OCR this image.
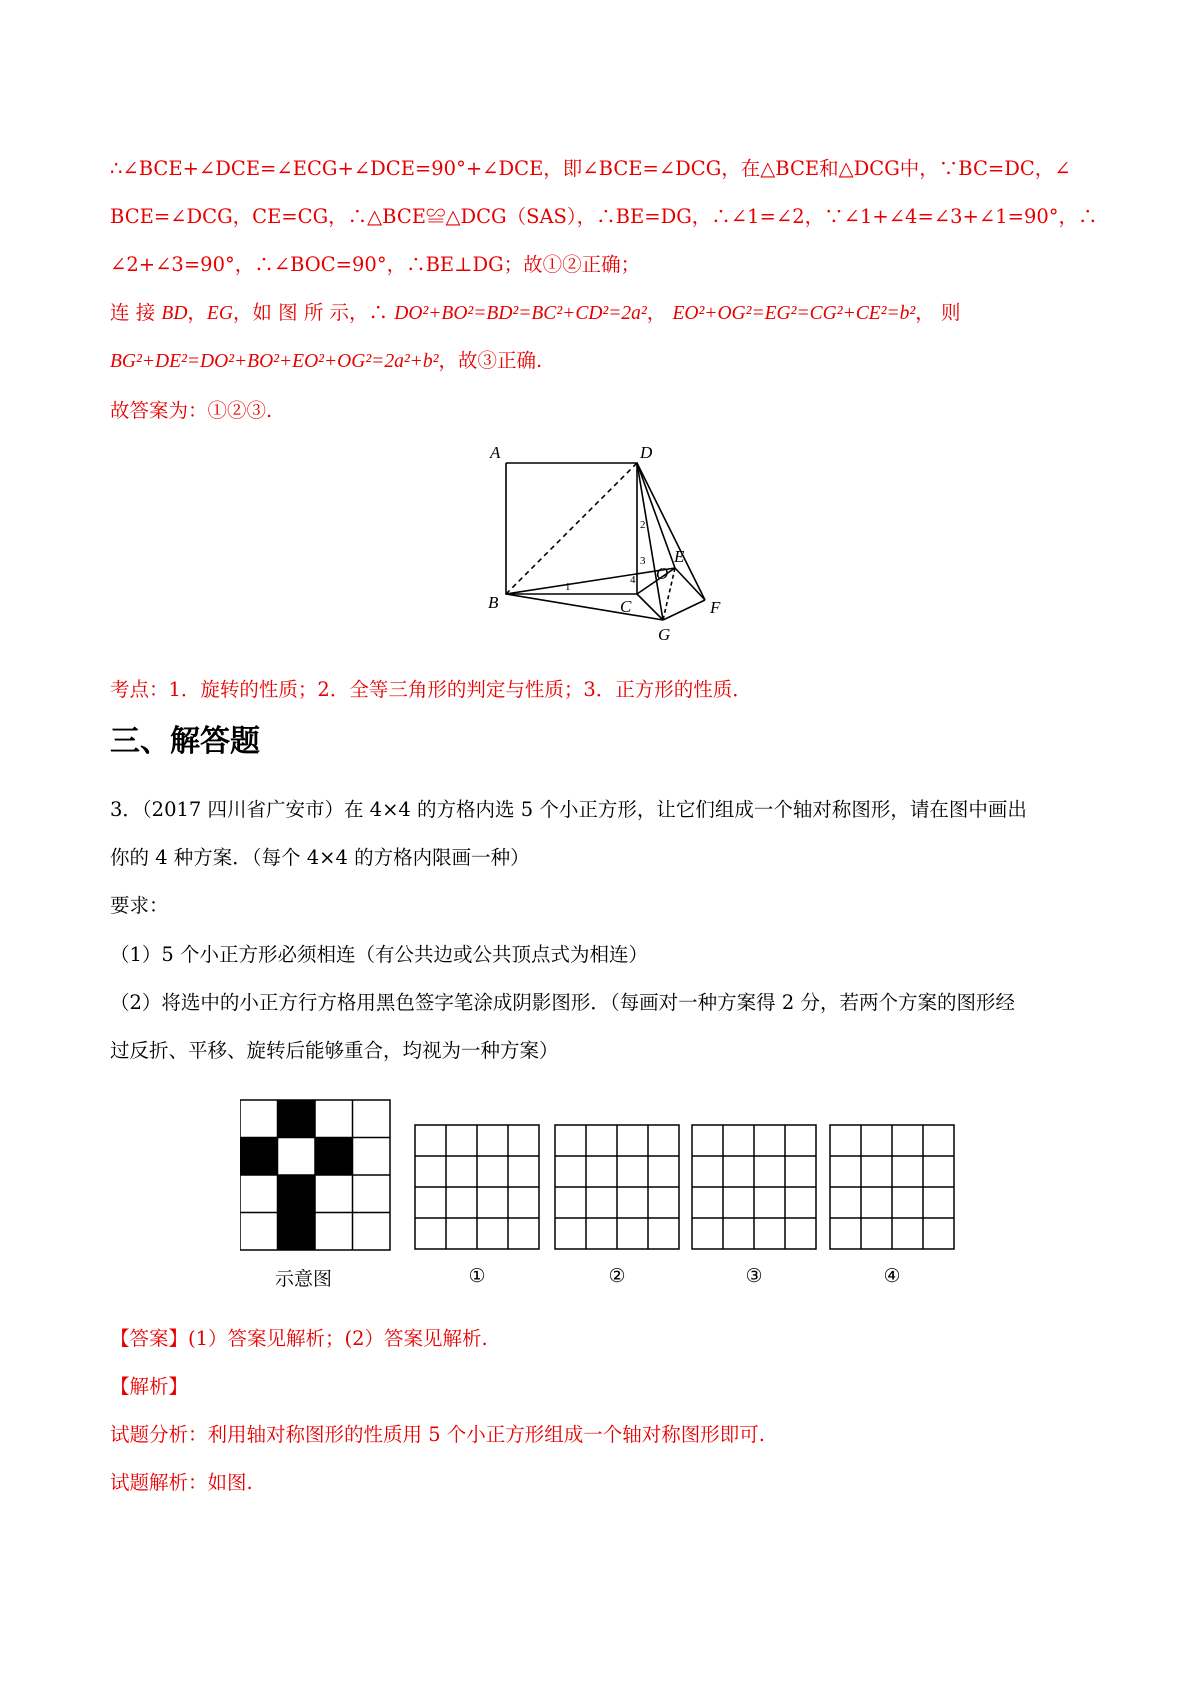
∴∠BCE+∠DCE=∠ECG+∠DCE=90°+∠DCE，即∠BCE=∠DCG，在△BCE和△DCG中，∵BC=DC，∠
BCE=∠DCG，CE=CG，∴△BCE≌△DCG（SAS），∴BE=DG，∴∠1=∠2，∵∠1+∠4=∠3+∠1=90°，∴
∠2+∠3=90°，∴∠BOC=90°，∴BE⊥DG；故①②正确；
连 接 BD，EG，如 图 所 示，∴ DO²+BO²=BD²=BC²+CD²=2a²， EO²+OG²=EG²=CG²+CE²=b²， 则
BG²+DE²=DO²+BO²+EO²+OG²=2a²+b²，故③正确.
故答案为：①②③.
A	D
B	C
E
O
F
G
1
2
3
4
考点：1．旋转的性质；2．全等三角形的判定与性质；3．正方形的性质．
三、解答题
3．（2017 四川省广安市）在 4×4 的方格内选 5 个小正方形，让它们组成一个轴对称图形，请在图中画出
你的 4 种方案．（每个 4×4 的方格内限画一种）
要求：
（1）5 个小正方形必须相连（有公共边或公共顶点式为相连）
（2）将选中的小正方行方格用黑色签字笔涂成阴影图形．（每画对一种方案得 2 分，若两个方案的图形经
过反折、平移、旋转后能够重合，均视为一种方案）
示意图	①	②	③	④
【答案】(1）答案见解析；(2）答案见解析.
【解析】
试题分析：利用轴对称图形的性质用 5 个小正方形组成一个轴对称图形即可.
试题解析：如图.
